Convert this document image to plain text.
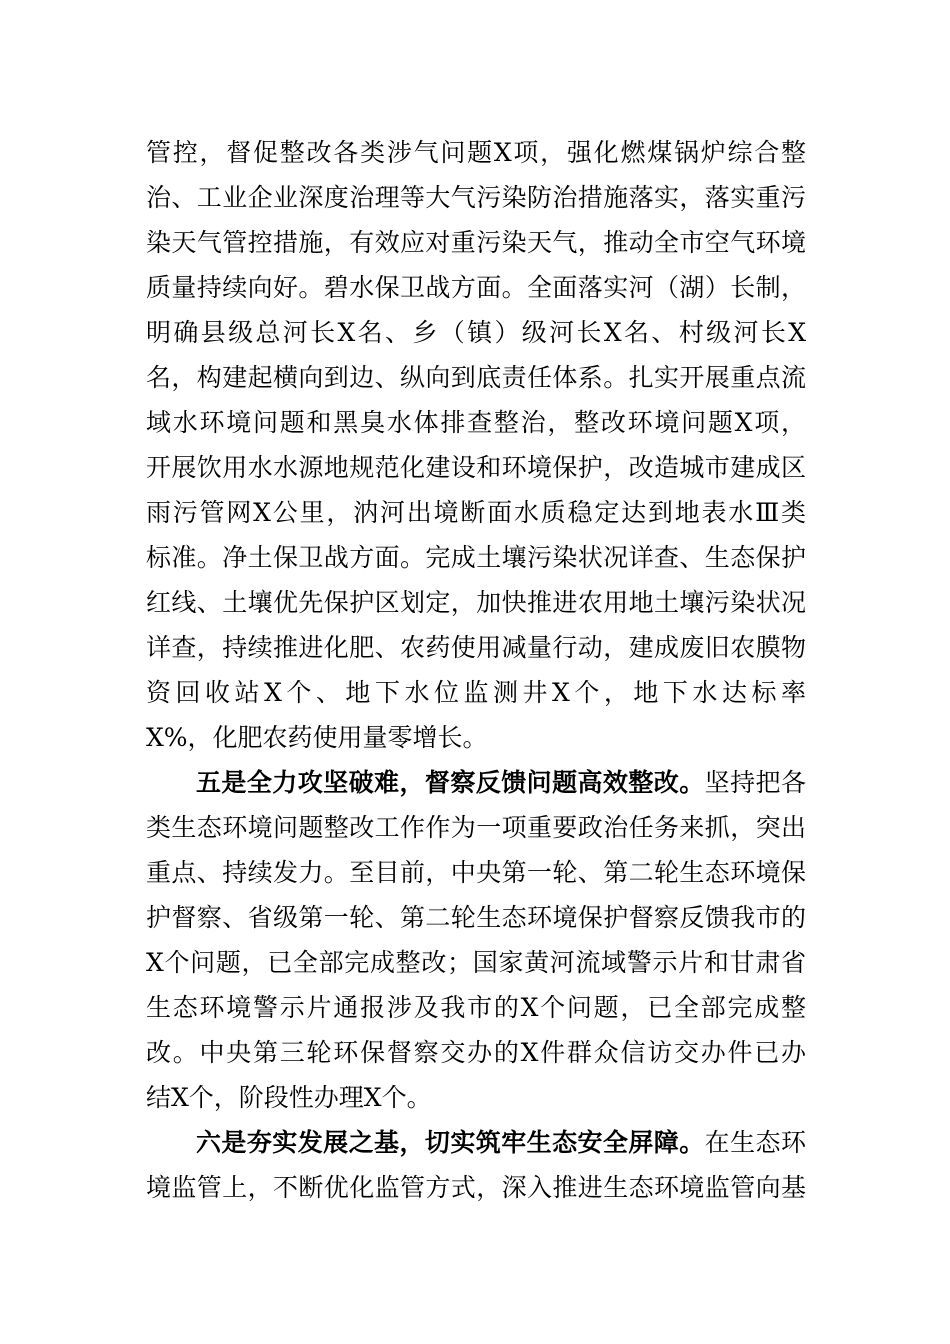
管控，督促整改各类涉气问题X项，强化燃煤锅炉综合整
治、工业企业深度治理等大气污染防治措施落实，落实重污
染天气管控措施，有效应对重污染天气，推动全市空气环境
质量持续向好。碧水保卫战方面。全面落实河（湖）长制，
明确县级总河长X名、乡（镇）级河长X名、村级河长X
名，构建起横向到边、纵向到底责任体系。扎实开展重点流
域水环境问题和黑臭水体排查整治，整改环境问题X项，
开展饮用水水源地规范化建设和环境保护，改造城市建成区
雨污管网X公里，汭河出境断面水质稳定达到地表水Ⅲ类
标准。净土保卫战方面。完成土壤污染状况详查、生态保护
红线、土壤优先保护区划定，加快推进农用地土壤污染状况
详查，持续推进化肥、农药使用减量行动，建成废旧农膜物
资回收站X个、地下水位监测井X个，地下水达标率
X%，化肥农药使用量零增长。
五是全力攻坚破难，督察反馈问题高效整改。坚持把各
类生态环境问题整改工作作为一项重要政治任务来抓，突出
重点、持续发力。至目前，中央第一轮、第二轮生态环境保
护督察、省级第一轮、第二轮生态环境保护督察反馈我市的
X个问题，已全部完成整改；国家黄河流域警示片和甘肃省
生态环境警示片通报涉及我市的X个问题，已全部完成整
改。中央第三轮环保督察交办的X件群众信访交办件已办
结X个，阶段性办理X个。
六是夯实发展之基，切实筑牢生态安全屏障。在生态环
境监管上，不断优化监管方式，深入推进生态环境监管向基
